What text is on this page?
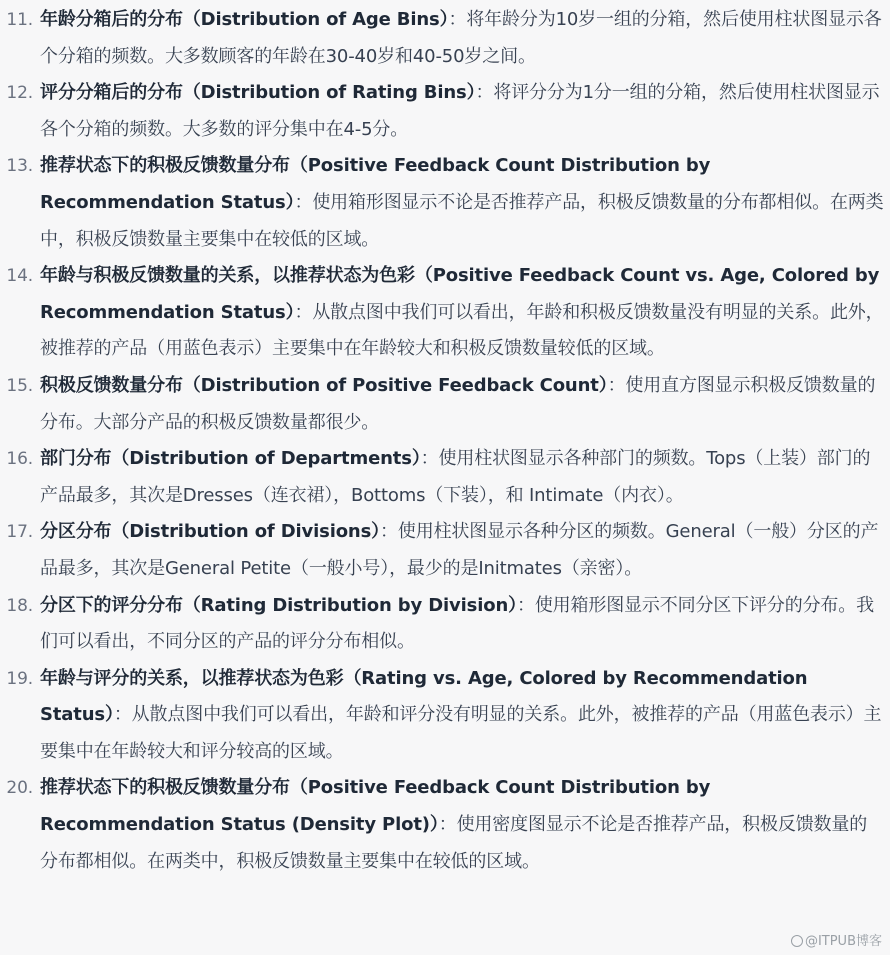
11. 年龄分箱后的分布（Distribution of Age Bins）：将年龄分为10岁一组的分箱，然后使用柱状图显示各个分箱的频数。大多数顾客的年龄在30-40岁和40-50岁之间。
12. 评分分箱后的分布（Distribution of Rating Bins）：将评分分为1分一组的分箱，然后使用柱状图显示各个分箱的频数。大多数的评分集中在4-5分。
13. 推荐状态下的积极反馈数量分布（Positive Feedback Count Distribution by Recommendation Status）：使用箱形图显示不论是否推荐产品，积极反馈数量的分布都相似。在两类中，积极反馈数量主要集中在较低的区域。
14. 年龄与积极反馈数量的关系，以推荐状态为色彩（Positive Feedback Count vs. Age, Colored by Recommendation Status）：从散点图中我们可以看出，年龄和积极反馈数量没有明显的关系。此外，被推荐的产品（用蓝色表示）主要集中在年龄较大和积极反馈数量较低的区域。
15. 积极反馈数量分布（Distribution of Positive Feedback Count）：使用直方图显示积极反馈数量的分布。大部分产品的积极反馈数量都很少。
16. 部门分布（Distribution of Departments）：使用柱状图显示各种部门的频数。Tops（上装）部门的产品最多，其次是Dresses（连衣裙），Bottoms（下装），和 Intimate（内衣）。
17. 分区分布（Distribution of Divisions）：使用柱状图显示各种分区的频数。General（一般）分区的产品最多，其次是General Petite（一般小号），最少的是Initmates（亲密）。
18. 分区下的评分分布（Rating Distribution by Division）：使用箱形图显示不同分区下评分的分布。我们可以看出，不同分区的产品的评分分布相似。
19. 年龄与评分的关系，以推荐状态为色彩（Rating vs. Age, Colored by Recommendation Status）：从散点图中我们可以看出，年龄和评分没有明显的关系。此外，被推荐的产品（用蓝色表示）主要集中在年龄较大和评分较高的区域。
20. 推荐状态下的积极反馈数量分布（Positive Feedback Count Distribution by Recommendation Status (Density Plot)）：使用密度图显示不论是否推荐产品，积极反馈数量的分布都相似。在两类中，积极反馈数量主要集中在较低的区域。
@ITPUB博客
